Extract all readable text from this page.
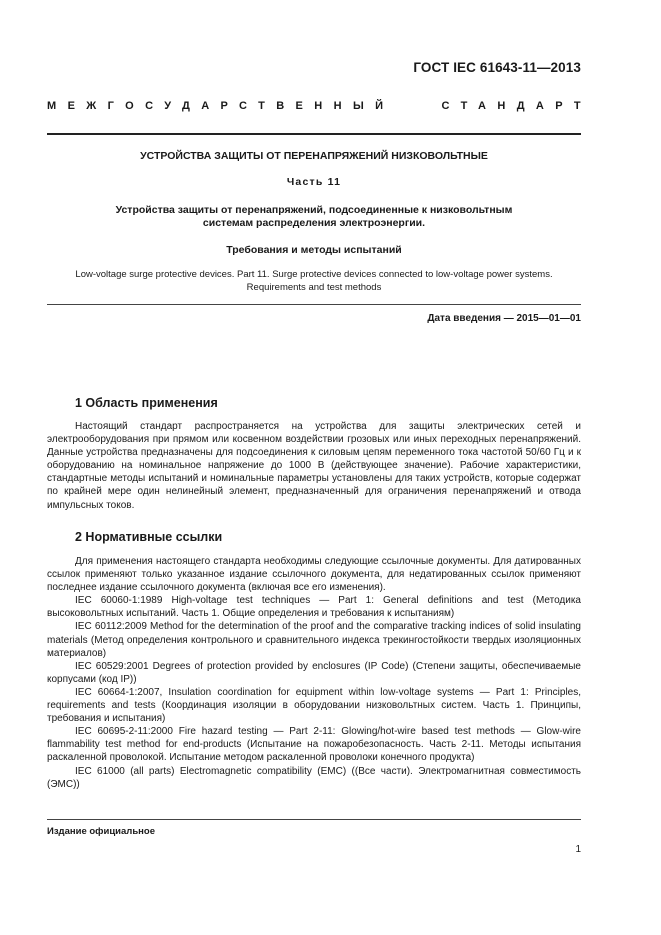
ГОСТ IEC 61643-11—2013
МЕЖГОСУДАРСТВЕННЫЙ	СТАНДАРТ
УСТРОЙСТВА ЗАЩИТЫ ОТ ПЕРЕНАПРЯЖЕНИЙ НИЗКОВОЛЬТНЫЕ
Часть 11
Устройства защиты от перенапряжений, подсоединенные к низковольтным
системам распределения электроэнергии.
Требования и методы испытаний
Low-voltage surge protective devices. Part 11. Surge protective devices connected to low-voltage power systems.
Requirements and test methods
Дата введения — 2015—01—01
1 Область применения

Настоящий стандарт распространяется на устройства для защиты электрических сетей и электрооборудования при прямом или косвенном воздействии грозовых или иных переходных перенапряжений. Данные устройства предназначены для подсоединения к силовым цепям переменного тока частотой 50/60 Гц и к оборудованию на номинальное напряжение до 1000 В (действующее значение). Рабочие характеристики, стандартные методы испытаний и номинальные параметры установлены для таких устройств, которые содержат по крайней мере один нелинейный элемент, предназначенный для ограничения перенапряжений и отвода импульсных токов.

2 Нормативные ссылки

Для применения настоящего стандарта необходимы следующие ссылочные документы. Для датированных ссылок применяют только указанное издание ссылочного документа, для недатированных ссылок применяют последнее издание ссылочного документа (включая все его изменения).

IEC 60060-1:1989 High-voltage test techniques — Part 1: General definitions and test (Методика высоковольтных испытаний. Часть 1. Общие определения и требования к испытаниям)

IEC 60112:2009 Method for the determination of the proof and the comparative tracking indices of solid insulating materials (Метод определения контрольного и сравнительного индекса трекингостойкости твердых изоляционных материалов)

IEC 60529:2001 Degrees of protection provided by enclosures (IP Code) (Степени защиты, обеспечиваемые корпусами (код IP))

IEC 60664-1:2007, Insulation coordination for equipment within low-voltage systems — Part 1: Principles, requirements and tests (Координация изоляции в оборудовании низковольтных систем. Часть 1. Принципы, требования и испытания)

IEC 60695-2-11:2000 Fire hazard testing — Part 2-11: Glowing/hot-wire based test methods — Glow-wire flammability test method for end-products (Испытание на пожаробезопасность. Часть 2-11. Методы испытания раскаленной проволокой. Испытание методом раскаленной проволоки конечного продукта)

IEC 61000 (all parts) Electromagnetic compatibility (EMC) ((Все части). Электромагнитная совместимость (ЭМС))

Издание официальное
1
